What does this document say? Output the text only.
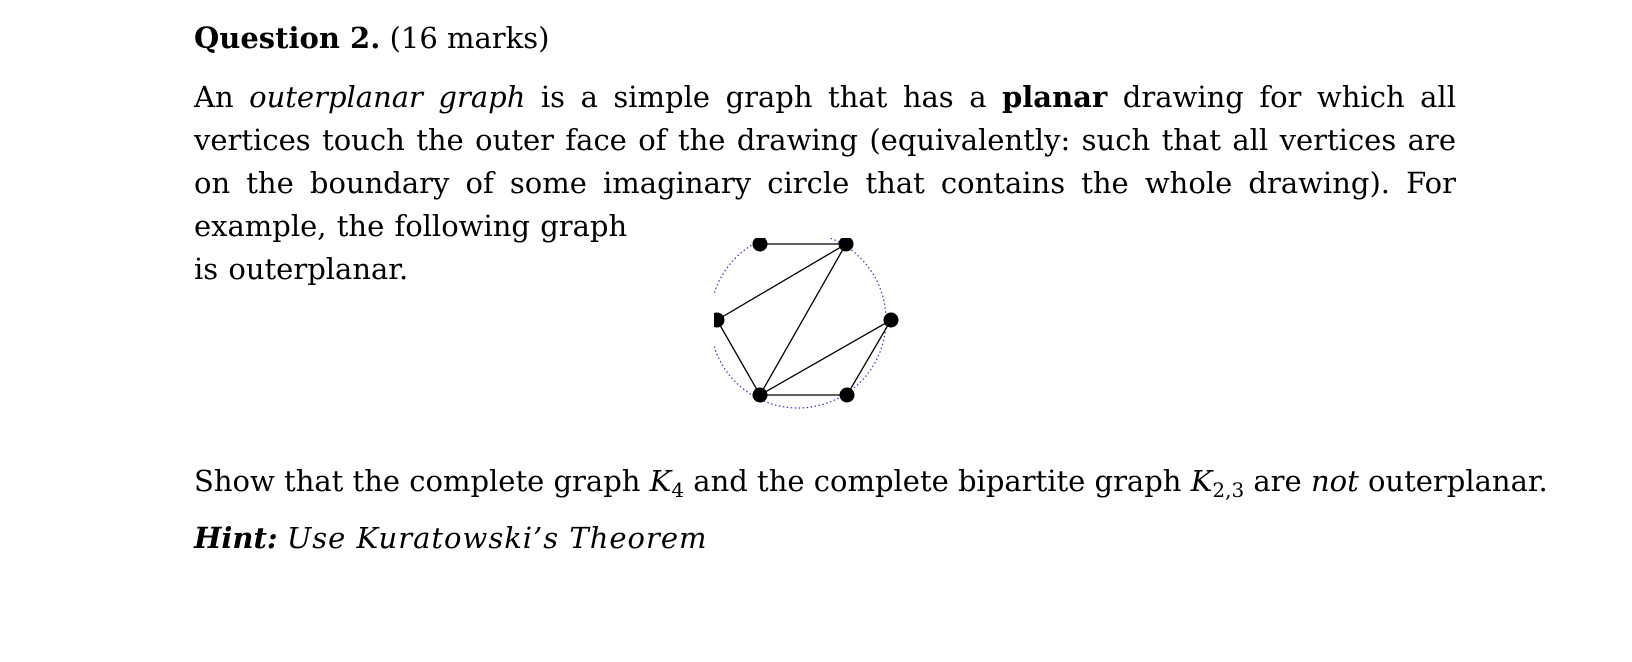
Question 2. (16 marks)
An outerplanar graph is a simple graph that has a planar drawing for which all vertices touch the outer face of the drawing (equivalently: such that all vertices are on the boundary of some imaginary circle that contains the whole drawing). For example, the following graph
is outerplanar.
Show that the complete graph $K_4$ and the complete bipartite graph $K_{2,3}$ are not outerplanar.
Hint: Use Kuratowski’s Theorem
